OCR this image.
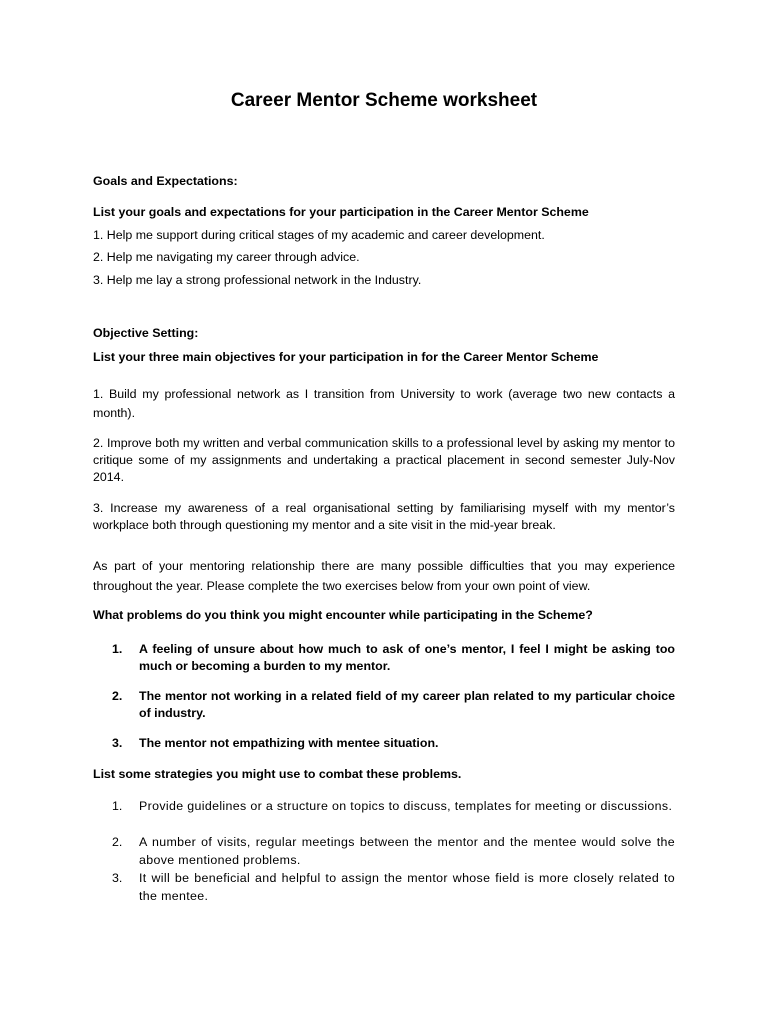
Career Mentor Scheme worksheet
Goals and Expectations:
List your goals and expectations for your participation in the Career Mentor Scheme
1. Help me support during critical stages of my academic and career development.
2. Help me navigating my career through advice.
3. Help me lay a strong professional network in the Industry.
Objective Setting:
List your three main objectives for your participation in for the Career Mentor Scheme
1. Build my professional network as I transition from University to work (average two new contacts a month).
2. Improve both my written and verbal communication skills to a professional level by asking my mentor to critique some of my assignments and undertaking a practical placement in second semester July-Nov 2014.
3. Increase my awareness of a real organisational setting by familiarising myself with my mentor’s workplace both through questioning my mentor and a site visit in the mid-year break.
As part of your mentoring relationship there are many possible difficulties that you may experience throughout the year. Please complete the two exercises below from your own point of view.
What problems do you think you might encounter while participating in the Scheme?
1.	A feeling of unsure about how much to ask of one’s mentor, I feel I might be asking too much or becoming a burden to my mentor.
2.	The mentor not working in a related field of my career plan related to my particular choice of industry.
3.	The mentor not empathizing with mentee situation.
List some strategies you might use to combat these problems.
1.	Provide guidelines or a structure on topics to discuss, templates for meeting or discussions.
2.	A number of visits, regular meetings between the mentor and the mentee would solve the above mentioned problems.
3.	It will be beneficial and helpful to assign the mentor whose field is more closely related to the mentee.
